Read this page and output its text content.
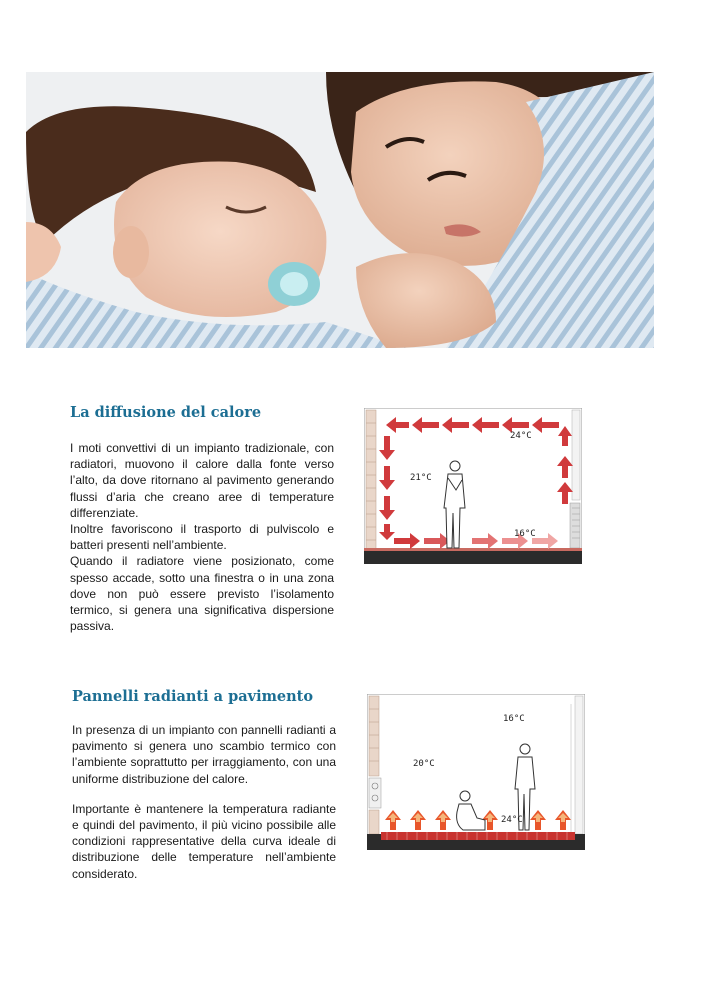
La diffusione del calore

I moti convettivi di un impianto tradizionale, con radiatori, muovono il calore dalla fonte verso l’alto, da dove ritornano al pavimento generando flussi d’aria che creano aree di temperature differenziate.

Inoltre favoriscono il trasporto di pulviscolo e batteri presenti nell’ambiente.

Quando il radiatore viene posizionato, come spesso accade, sotto una finestra o in una zona dove non può essere previsto l’isolamento termico, si genera una significativa dispersione passiva.

24°C
21°C
16°C
Pannelli radianti a pavimento

In presenza di un impianto con pannelli radianti a pavimento si genera uno scambio termico con l’ambiente soprattutto per irraggiamento, con una uniforme distribuzione del calore.

Importante è mantenere la temperatura radiante e quindi del pavimento, il più vicino possibile alle condizioni rappresentative della curva ideale di distribuzione delle temperature nell’ambiente considerato.

16°C
20°C
24°C
